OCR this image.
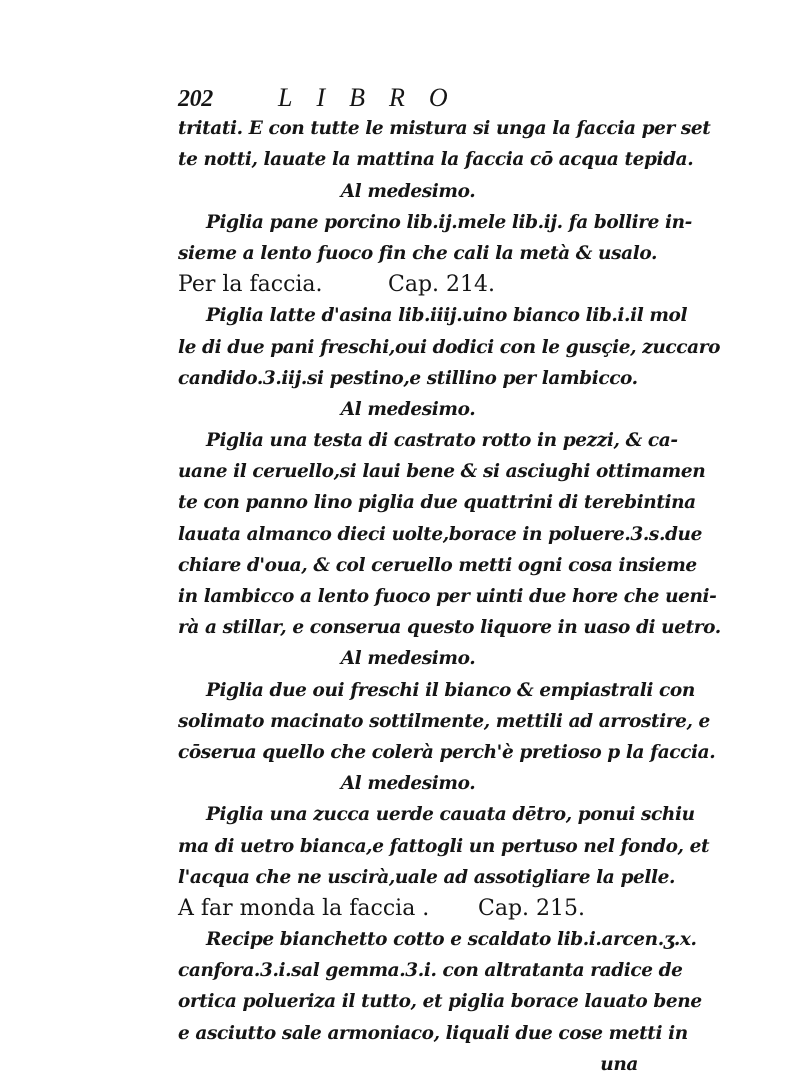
202	LIBRO
tritati. E con tutte le mistura si unga la faccia per set
te notti, lauate la mattina la faccia cō acqua tepida.
Al medesimo.
Piglia pane porcino lib.ij.mele lib.ij. fa bollire in-
sieme a lento fuoco fin che cali la metà & usalo.
Per la faccia.	Cap. 214.
Piglia latte d'asina lib.iiij.uino bianco lib.i.il mol
le di due pani freschi,oui dodici con le gusçie, zuccaro
candido.3.iij.si pestino,e stillino per lambicco.
Al medesimo.
Piglia una testa di castrato rotto in pezzi, & ca-
uane il ceruello,si laui bene & si asciughi ottimamen
te con panno lino piglia due quattrini di terebintina
lauata almanco dieci uolte,borace in poluere.3.s.due
chiare d'oua, & col ceruello metti ogni cosa insieme
in lambicco a lento fuoco per uinti due hore che ueni-
rà a stillar, e conserua questo liquore in uaso di uetro.
Al medesimo.
Piglia due oui freschi il bianco & empiastrali con
solimato macinato sottilmente, mettili ad arrostire, e
cōserua quello che colerà perch'è pretioso p la faccia.
Al medesimo.
Piglia una zucca uerde cauata dētro, ponui schiu
ma di uetro bianca,e fattogli un pertuso nel fondo, et
l'acqua che ne uscirà,uale ad assotigliare la pelle.
A far monda la faccia . Cap. 215.
Recipe bianchetto cotto e scaldato lib.i.arcen.ʒ.x.
canfora.3.i.sal gemma.3.i. con altratanta radice de
ortica polueriza il tutto, et piglia borace lauato bene
e asciutto sale armoniaco, liquali due cose metti in
una
